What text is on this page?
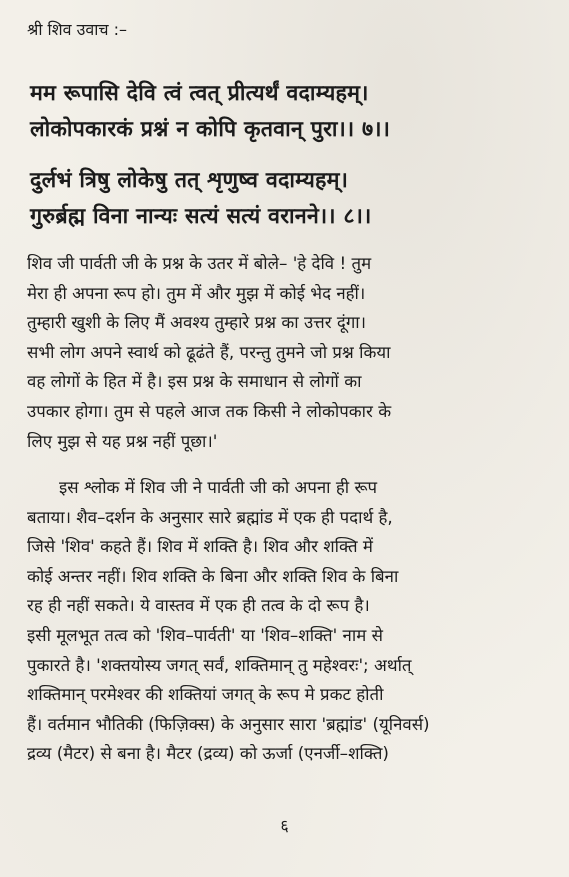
श्री शिव उवाच :–
मम रूपासि देवि त्वं त्वत् प्रीत्यर्थं वदाम्यहम्।
लोकोपकारकं प्रश्नं न कोपि कृतवान् पुरा।। ७।।
दुर्लभं त्रिषु लोकेषु तत् शृणुष्व वदाम्यहम्।
गुरुर्ब्रह्म विना नान्यः सत्यं सत्यं वरानने।। ८।।
शिव जी पार्वती जी के प्रश्न के उतर में बोले– 'हे देवि ! तुम
मेरा ही अपना रूप हो। तुम में और मुझ में कोई भेद नहीं।
तुम्हारी खुशी के लिए मैं अवश्य तुम्हारे प्रश्न का उत्तर दूंगा।
सभी लोग अपने स्वार्थ को ढूढंते हैं, परन्तु तुमने जो प्रश्न किया
वह लोगों के हित में है। इस प्रश्न के समाधान से लोगों का
उपकार होगा। तुम से पहले आज तक किसी ने लोकोपकार के
लिए मुझ से यह प्रश्न नहीं पूछा।'
इस श्लोक में शिव जी ने पार्वती जी को अपना ही रूप
बताया। शैव–दर्शन के अनुसार सारे ब्रह्मांड में एक ही पदार्थ है,
जिसे 'शिव' कहते हैं। शिव में शक्ति है। शिव और शक्ति में
कोई अन्तर नहीं। शिव शक्ति के बिना और शक्ति शिव के बिना
रह ही नहीं सकते। ये वास्तव में एक ही तत्व के दो रूप है।
इसी मूलभूत तत्व को 'शिव–पार्वती' या 'शिव–शक्ति' नाम से
पुकारते है। 'शक्तयोस्य जगत् सर्वं, शक्तिमान् तु महेश्वरः'; अर्थात्
शक्तिमान् परमेश्वर की शक्तियां जगत् के रूप मे प्रकट होती
हैं। वर्तमान भौतिकी (फिज़िक्स) के अनुसार सारा 'ब्रह्मांड' (यूनिवर्स)
द्रव्य (मैटर) से बना है। मैटर (द्रव्य) को ऊर्जा (एनर्जी–शक्ति)
६
